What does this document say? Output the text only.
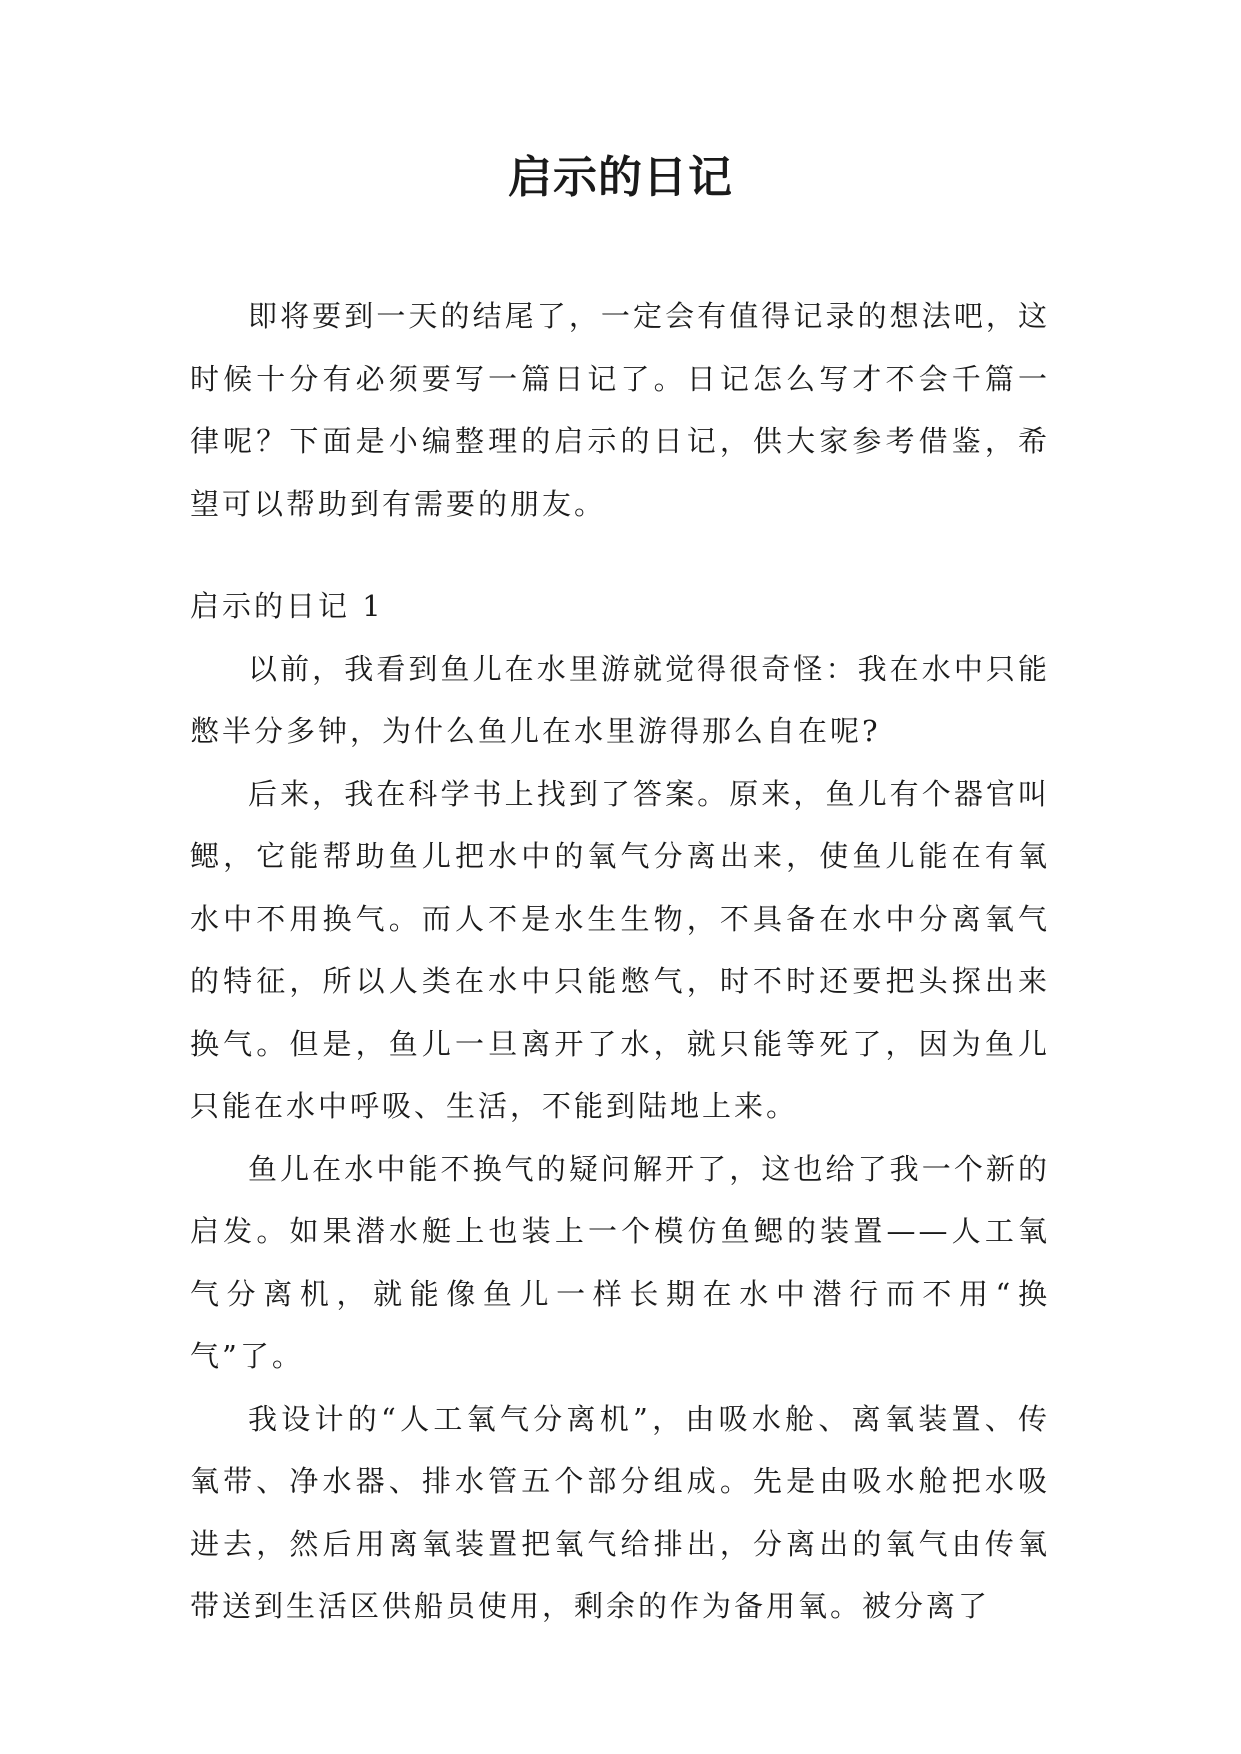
启示的日记

即将要到一天的结尾了，一定会有值得记录的想法吧，这时候十分有必须要写一篇日记了。日记怎么写才不会千篇一律呢？下面是小编整理的启示的日记，供大家参考借鉴，希望可以帮助到有需要的朋友。

启示的日记 1

以前，我看到鱼儿在水里游就觉得很奇怪：我在水中只能憋半分多钟，为什么鱼儿在水里游得那么自在呢?

后来，我在科学书上找到了答案。原来，鱼儿有个器官叫鳃，它能帮助鱼儿把水中的氧气分离出来，使鱼儿能在有氧水中不用换气。而人不是水生生物，不具备在水中分离氧气的特征，所以人类在水中只能憋气，时不时还要把头探出来换气。但是，鱼儿一旦离开了水，就只能等死了，因为鱼儿只能在水中呼吸、生活，不能到陆地上来。

鱼儿在水中能不换气的疑问解开了，这也给了我一个新的启发。如果潜水艇上也装上一个模仿鱼鳃的装置——人工氧气分离机，就能像鱼儿一样长期在水中潜行而不用“换气”了。

我设计的“人工氧气分离机”，由吸水舱、离氧装置、传氧带、净水器、排水管五个部分组成。先是由吸水舱把水吸进去，然后用离氧装置把氧气给排出，分离出的氧气由传氧带送到生活区供船员使用，剩余的作为备用氧。被分离了
